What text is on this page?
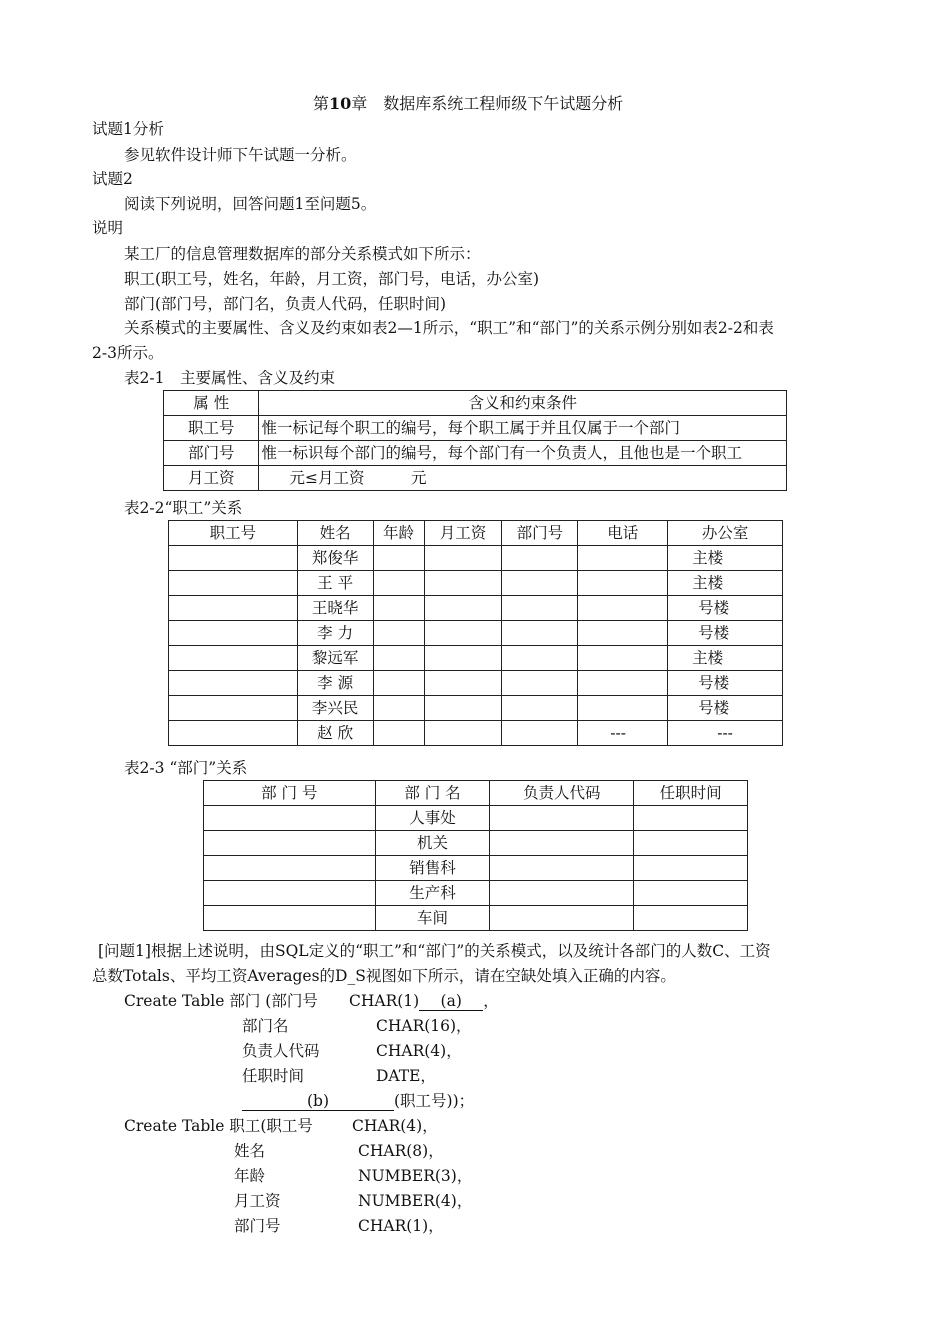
第10章　数据库系统工程师级下午试题分析
试题1分析
参见软件设计师下午试题一分析。
试题2
阅读下列说明，回答问题1至问题5。
说明
某工厂的信息管理数据库的部分关系模式如下所示：
职工(职工号，姓名，年龄，月工资，部门号，电话，办公室)
部门(部门号，部门名，负责人代码，任职时间)
关系模式的主要属性、含义及约束如表2—1所示，“职工”和“部门”的关系示例分别如表2-2和表
2-3所示。
表2-1　主要属性、含义及约束
属 性	含义和约束条件
职工号	惟一标记每个职工的编号，每个职工属于并且仅属于一个部门
部门号	惟一标识每个部门的编号，每个部门有一个负责人，且他也是一个职工
月工资	元≤月工资　　　元
表2-2“职工”关系
职工号	姓名	年龄	月工资	部门号	电话	办公室
	郑俊华					主楼
	王 平					主楼
	王晓华					号楼
	李 力					号楼
	黎远军					主楼
	李 源					号楼
	李兴民					号楼
	赵 欣				---	---
表2-3 “部门”关系
部 门 号	部 门 名	负责人代码	任职时间
	人事处		
	机关		
	销售科		
	生产科		
	车间		
[问题1]根据上述说明，由SQL定义的“职工”和“部门”的关系模式，以及统计各部门的人数C、工资
总数Totals、平均工资Averages的D_S视图如下所示，请在空缺处填入正确的内容。
Create Table 部门 (部门号 CHAR(1) (a) ，
部门名	CHAR(16)，
负责人代码	CHAR(4)，
任职时间	DATE，
(b)	(职工号))；
Create Table 职工(职工号	CHAR(4)，
姓名	CHAR(8)，
年龄	NUMBER(3)，
月工资	NUMBER(4)，
部门号	CHAR(1)，
